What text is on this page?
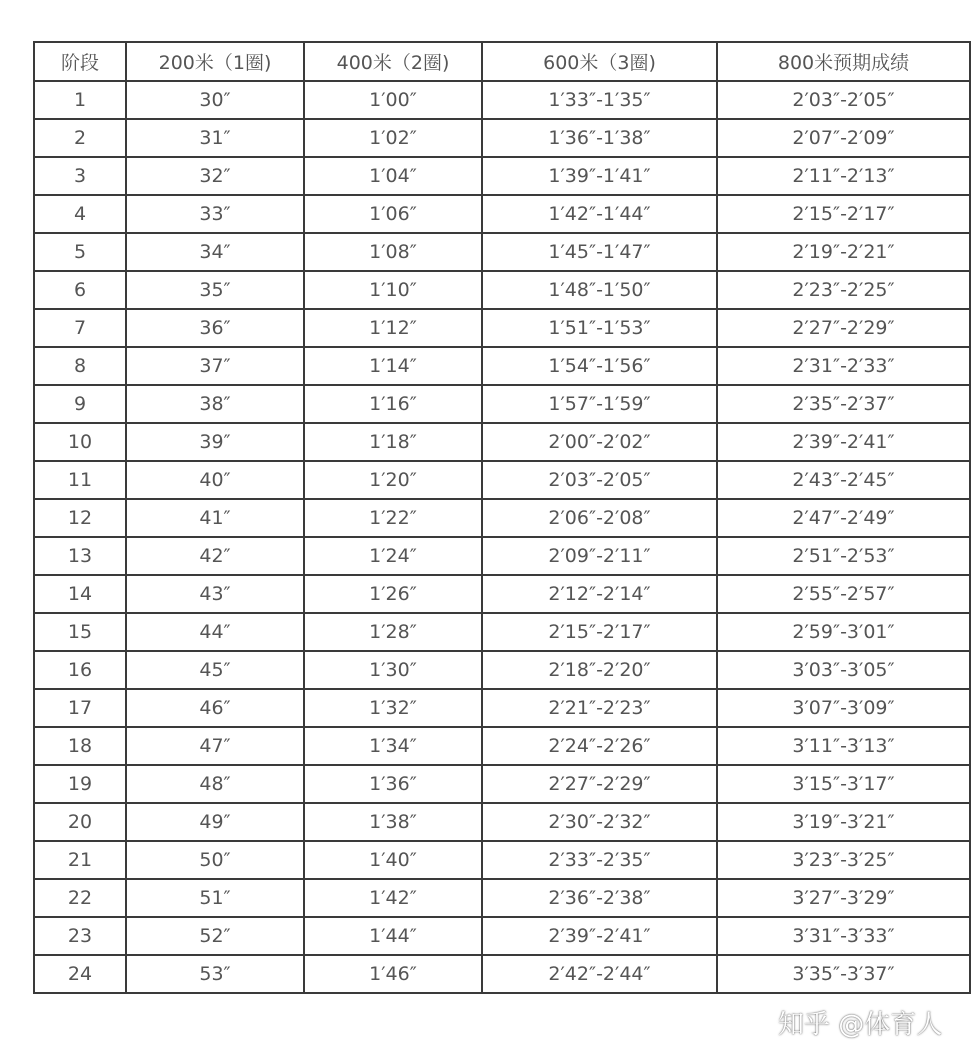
阶段	200米（1圈)	400米（2圈)	600米（3圈)	800米预期成绩
1	30″	1′00″	1′33″-1′35″	2′03″-2′05″
2	31″	1′02″	1′36″-1′38″	2′07″-2′09″
3	32″	1′04″	1′39″-1′41″	2′11″-2′13″
4	33″	1′06″	1′42″-1′44″	2′15″-2′17″
5	34″	1′08″	1′45″-1′47″	2′19″-2′21″
6	35″	1′10″	1′48″-1′50″	2′23″-2′25″
7	36″	1′12″	1′51″-1′53″	2′27″-2′29″
8	37″	1′14″	1′54″-1′56″	2′31″-2′33″
9	38″	1′16″	1′57″-1′59″	2′35″-2′37″
10	39″	1′18″	2′00″-2′02″	2′39″-2′41″
11	40″	1′20″	2′03″-2′05″	2′43″-2′45″
12	41″	1′22″	2′06″-2′08″	2′47″-2′49″
13	42″	1′24″	2′09″-2′11″	2′51″-2′53″
14	43″	1′26″	2′12″-2′14″	2′55″-2′57″
15	44″	1′28″	2′15″-2′17″	2′59″-3′01″
16	45″	1′30″	2′18″-2′20″	3′03″-3′05″
17	46″	1′32″	2′21″-2′23″	3′07″-3′09″
18	47″	1′34″	2′24″-2′26″	3′11″-3′13″
19	48″	1′36″	2′27″-2′29″	3′15″-3′17″
20	49″	1′38″	2′30″-2′32″	3′19″-3′21″
21	50″	1′40″	2′33″-2′35″	3′23″-3′25″
22	51″	1′42″	2′36″-2′38″	3′27″-3′29″
23	52″	1′44″	2′39″-2′41″	3′31″-3′33″
24	53″	1′46″	2′42″-2′44″	3′35″-3′37″
知乎 @体育人
